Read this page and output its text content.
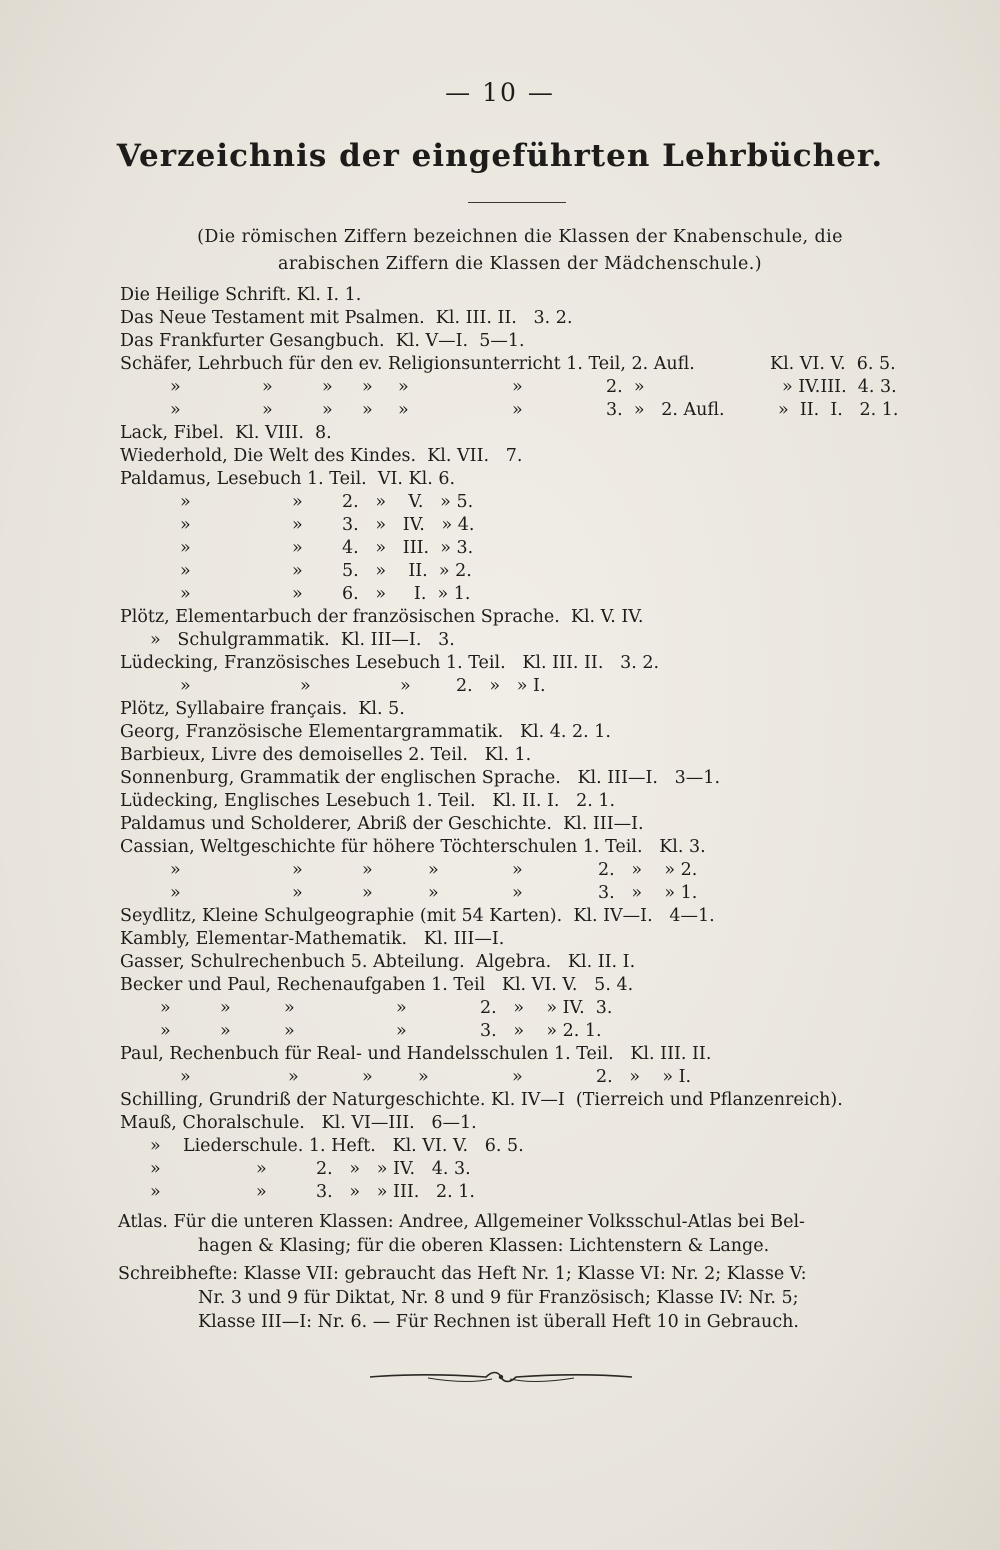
— 10 —
Verzeichnis der eingeführten Lehrbücher.
(Die römischen Ziffern bezeichnen die Klassen der Knabenschule, die
arabischen Ziffern die Klassen der Mädchenschule.)
Die Heilige Schrift. Kl. I. 1.
Das Neue Testament mit Psalmen.  Kl. III. II.   3. 2.
Das Frankfurter Gesangbuch.  Kl. V—I.  5—1.
Schäfer, Lehrbuch für den ev. Religionsunterricht 1. Teil, 2. Aufl.	Kl. VI. V.  6. 5.
»	»	» » »	»	2.  »	» IV.III.  4. 3.
»	»	» » »	»	3.  »   2. Aufl.	»  II.  I.   2. 1.
Lack, Fibel.  Kl. VIII.  8.
Wiederhold, Die Welt des Kindes.  Kl. VII.   7.
Paldamus, Lesebuch 1. Teil.  VI. Kl. 6.
»	» 2.   »    V.   » 5.
»	» 3.   »   IV.   » 4.
»	» 4.   »   III.  » 3.
»	» 5.   »    II.  » 2.
»	» 6.   »     I.  » 1.
Plötz, Elementarbuch der französischen Sprache.  Kl. V. IV.
»   Schulgrammatik.  Kl. III—I.   3.
Lüdecking, Französisches Lesebuch 1. Teil.   Kl. III. II.   3. 2.
»	»	»	2.   »   » I.
Plötz, Syllabaire français.  Kl. 5.
Georg, Französische Elementargrammatik.   Kl. 4. 2. 1.
Barbieux, Livre des demoiselles 2. Teil.   Kl. 1.
Sonnenburg, Grammatik der englischen Sprache.   Kl. III—I.   3—1.
Lüdecking, Englisches Lesebuch 1. Teil.   Kl. II. I.   2. 1.
Paldamus und Scholderer, Abriß der Geschichte.  Kl. III—I.
Cassian, Weltgeschichte für höhere Töchterschulen 1. Teil.   Kl. 3.
»	»	»	»	»	2.   »    » 2.
»	»	»	»	»	3.   »    » 1.
Seydlitz, Kleine Schulgeographie (mit 54 Karten).  Kl. IV—I.   4—1.
Kambly, Elementar-Mathematik.   Kl. III—I.
Gasser, Schulrechenbuch 5. Abteilung.  Algebra.   Kl. II. I.
Becker und Paul, Rechenaufgaben 1. Teil   Kl. VI. V.   5. 4.
»	»	»	»	2.   »    » IV.  3.
»	»	»	»	3.   »    » 2. 1.
Paul, Rechenbuch für Real- und Handelsschulen 1. Teil.   Kl. III. II.
»	»	»	»	»	2.   »    » I.
Schilling, Grundriß der Naturgeschichte. Kl. IV—I  (Tierreich und Pflanzenreich).
Mauß, Choralschule.   Kl. VI—III.   6—1.
»    Liederschule. 1. Heft.   Kl. VI. V.   6. 5.
»	»	2.   »   » IV.   4. 3.
»	»	3.   »   » III.   2. 1.
Atlas. Für die unteren Klassen: Andree, Allgemeiner Volksschul-Atlas bei Bel-
hagen & Klasing; für die oberen Klassen: Lichtenstern & Lange.
Schreibhefte: Klasse VII: gebraucht das Heft Nr. 1; Klasse VI: Nr. 2; Klasse V:
Nr. 3 und 9 für Diktat, Nr. 8 und 9 für Französisch; Klasse IV: Nr. 5;
Klasse III—I: Nr. 6. — Für Rechnen ist überall Heft 10 in Gebrauch.
